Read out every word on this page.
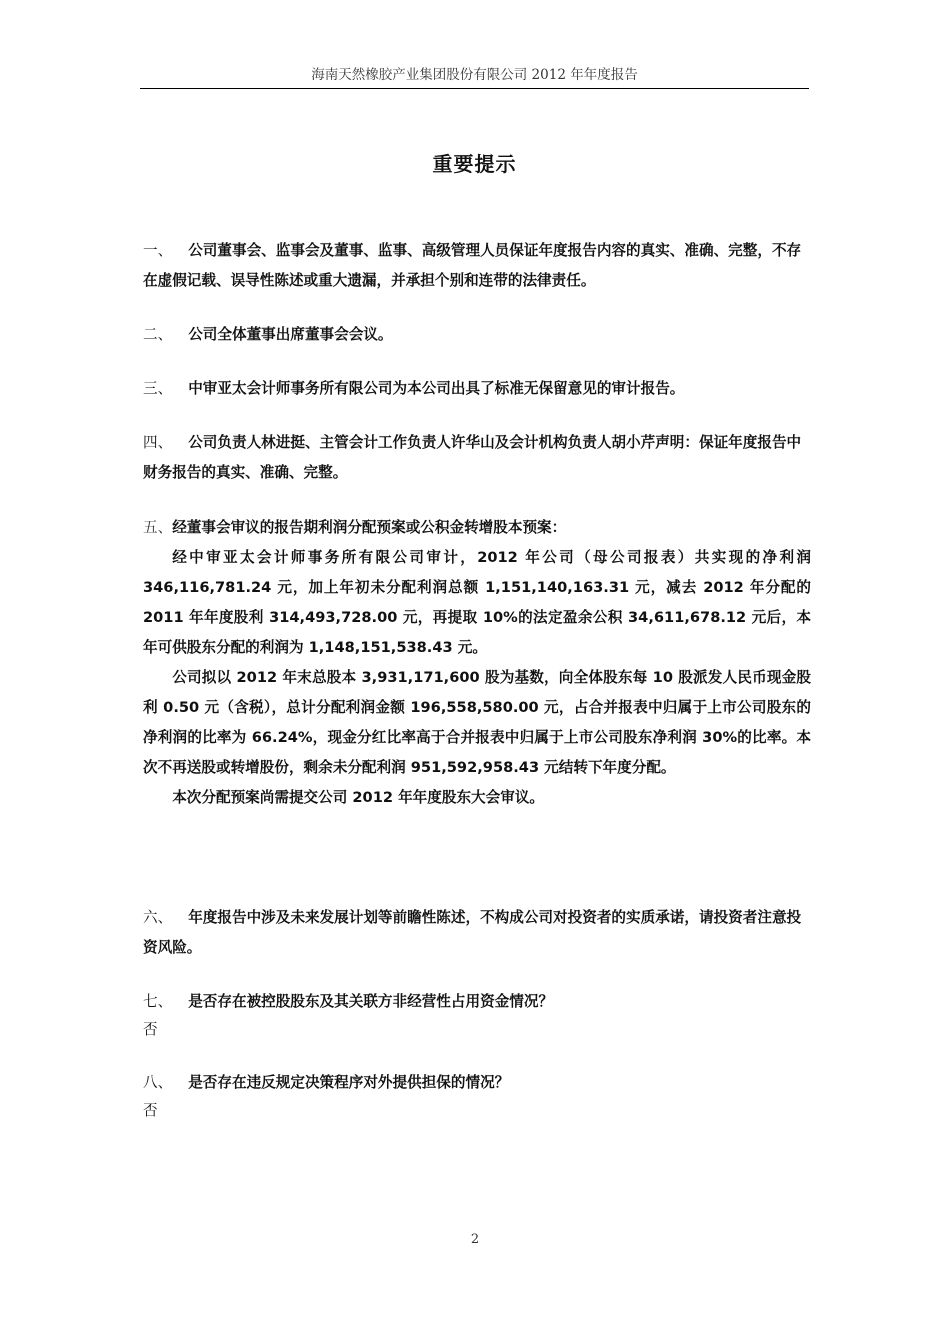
海南天然橡胶产业集团股份有限公司 2012 年年度报告
重要提示
一、 公司董事会、监事会及董事、监事、高级管理人员保证年度报告内容的真实、准确、完整，不存在虚假记载、误导性陈述或重大遗漏，并承担个别和连带的法律责任。
二、 公司全体董事出席董事会会议。
三、 中审亚太会计师事务所有限公司为本公司出具了标准无保留意见的审计报告。
四、 公司负责人林进挺、主管会计工作负责人许华山及会计机构负责人胡小芹声明：保证年度报告中财务报告的真实、准确、完整。
五、经董事会审议的报告期利润分配预案或公积金转增股本预案：

经中审亚太会计师事务所有限公司审计，2012 年公司（母公司报表）共实现的净利润 346,116,781.24 元，加上年初未分配利润总额 1,151,140,163.31 元，减去 2012 年分配的 2011 年年度股利 314,493,728.00 元，再提取 10%的法定盈余公积 34,611,678.12 元后，本年可供股东分配的利润为 1,148,151,538.43 元。

公司拟以 2012 年末总股本 3,931,171,600 股为基数，向全体股东每 10 股派发人民币现金股利 0.50 元（含税），总计分配利润金额 196,558,580.00 元，占合并报表中归属于上市公司股东的净利润的比率为 66.24%，现金分红比率高于合并报表中归属于上市公司股东净利润 30%的比率。本次不再送股或转增股份，剩余未分配利润 951,592,958.43 元结转下年度分配。

本次分配预案尚需提交公司 2012 年年度股东大会审议。

六、 年度报告中涉及未来发展计划等前瞻性陈述，不构成公司对投资者的实质承诺，请投资者注意投资风险。
七、 是否存在被控股股东及其关联方非经营性占用资金情况？
否
八、 是否存在违反规定决策程序对外提供担保的情况？
否
2
